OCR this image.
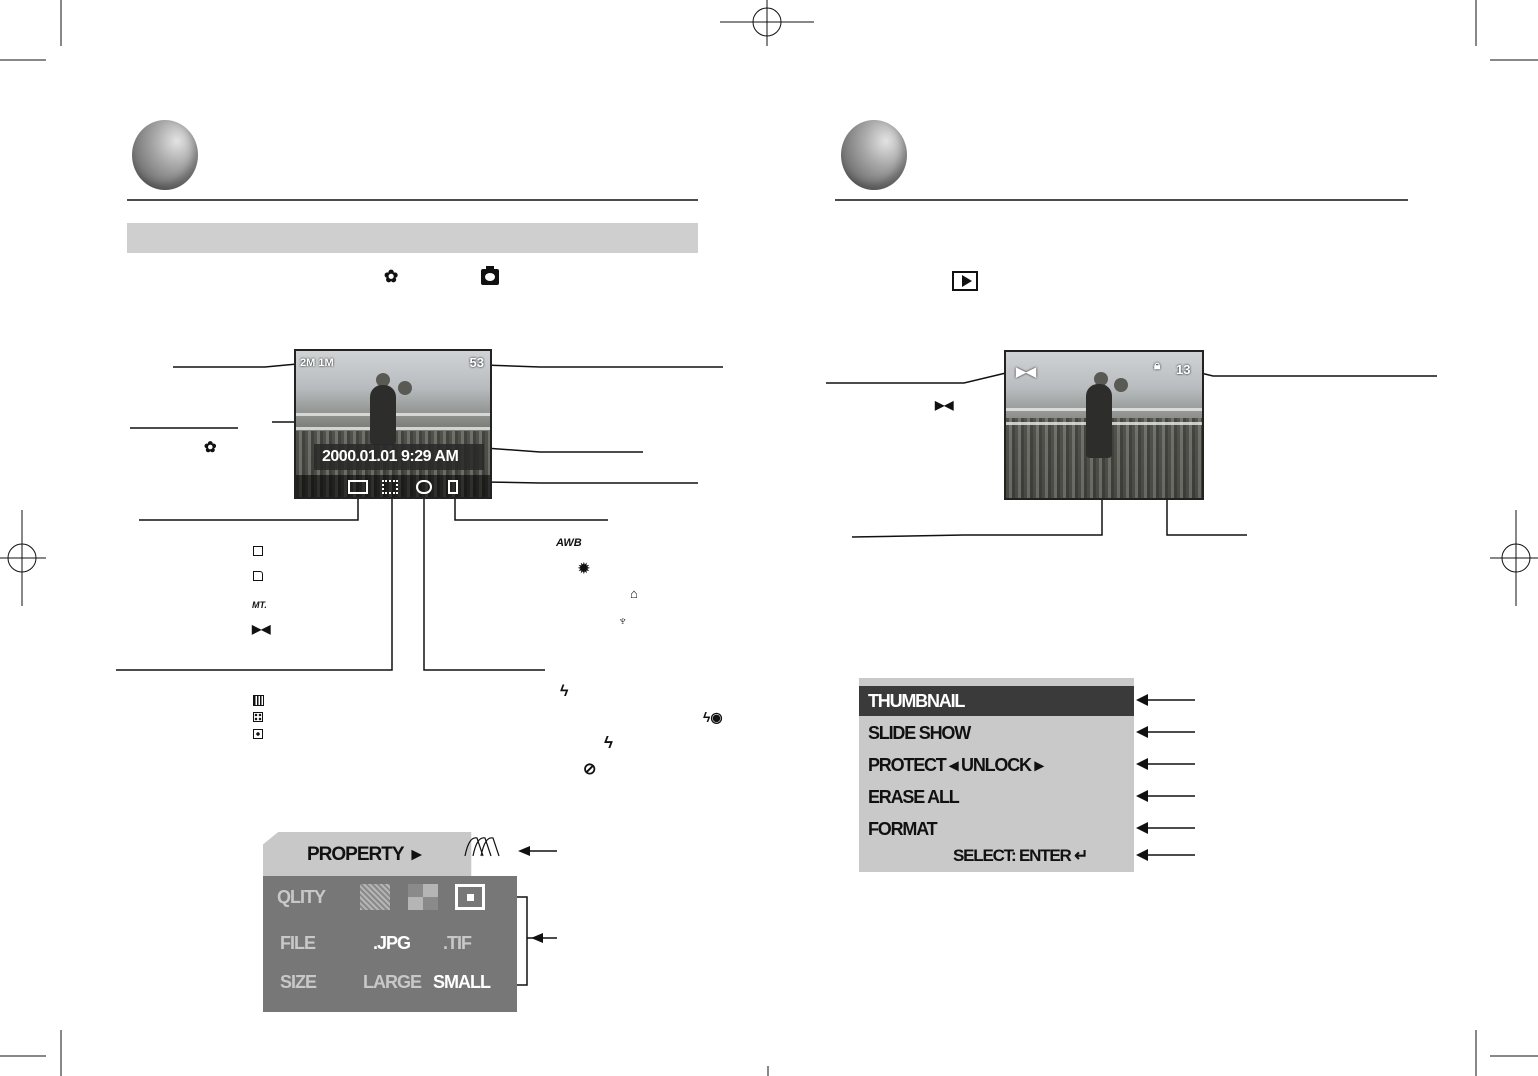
✿
2M 1M	53
2000.01.01 9:29 AM
✿
MT.
▶◀
AWB
✹
⌂
♆
ϟ
ϟ◉
ϟ
⊘
PROPERTY  ▸
QLITY
FILE	.JPG .TIF
SIZE	LARGE SMALL
▶◀	🔒︎ 13
▶◀
THUMBNAIL
SLIDE SHOW
PROTECT ◂ UNLOCK ▸
ERASE ALL
FORMAT
SELECT: ENTER ↵
